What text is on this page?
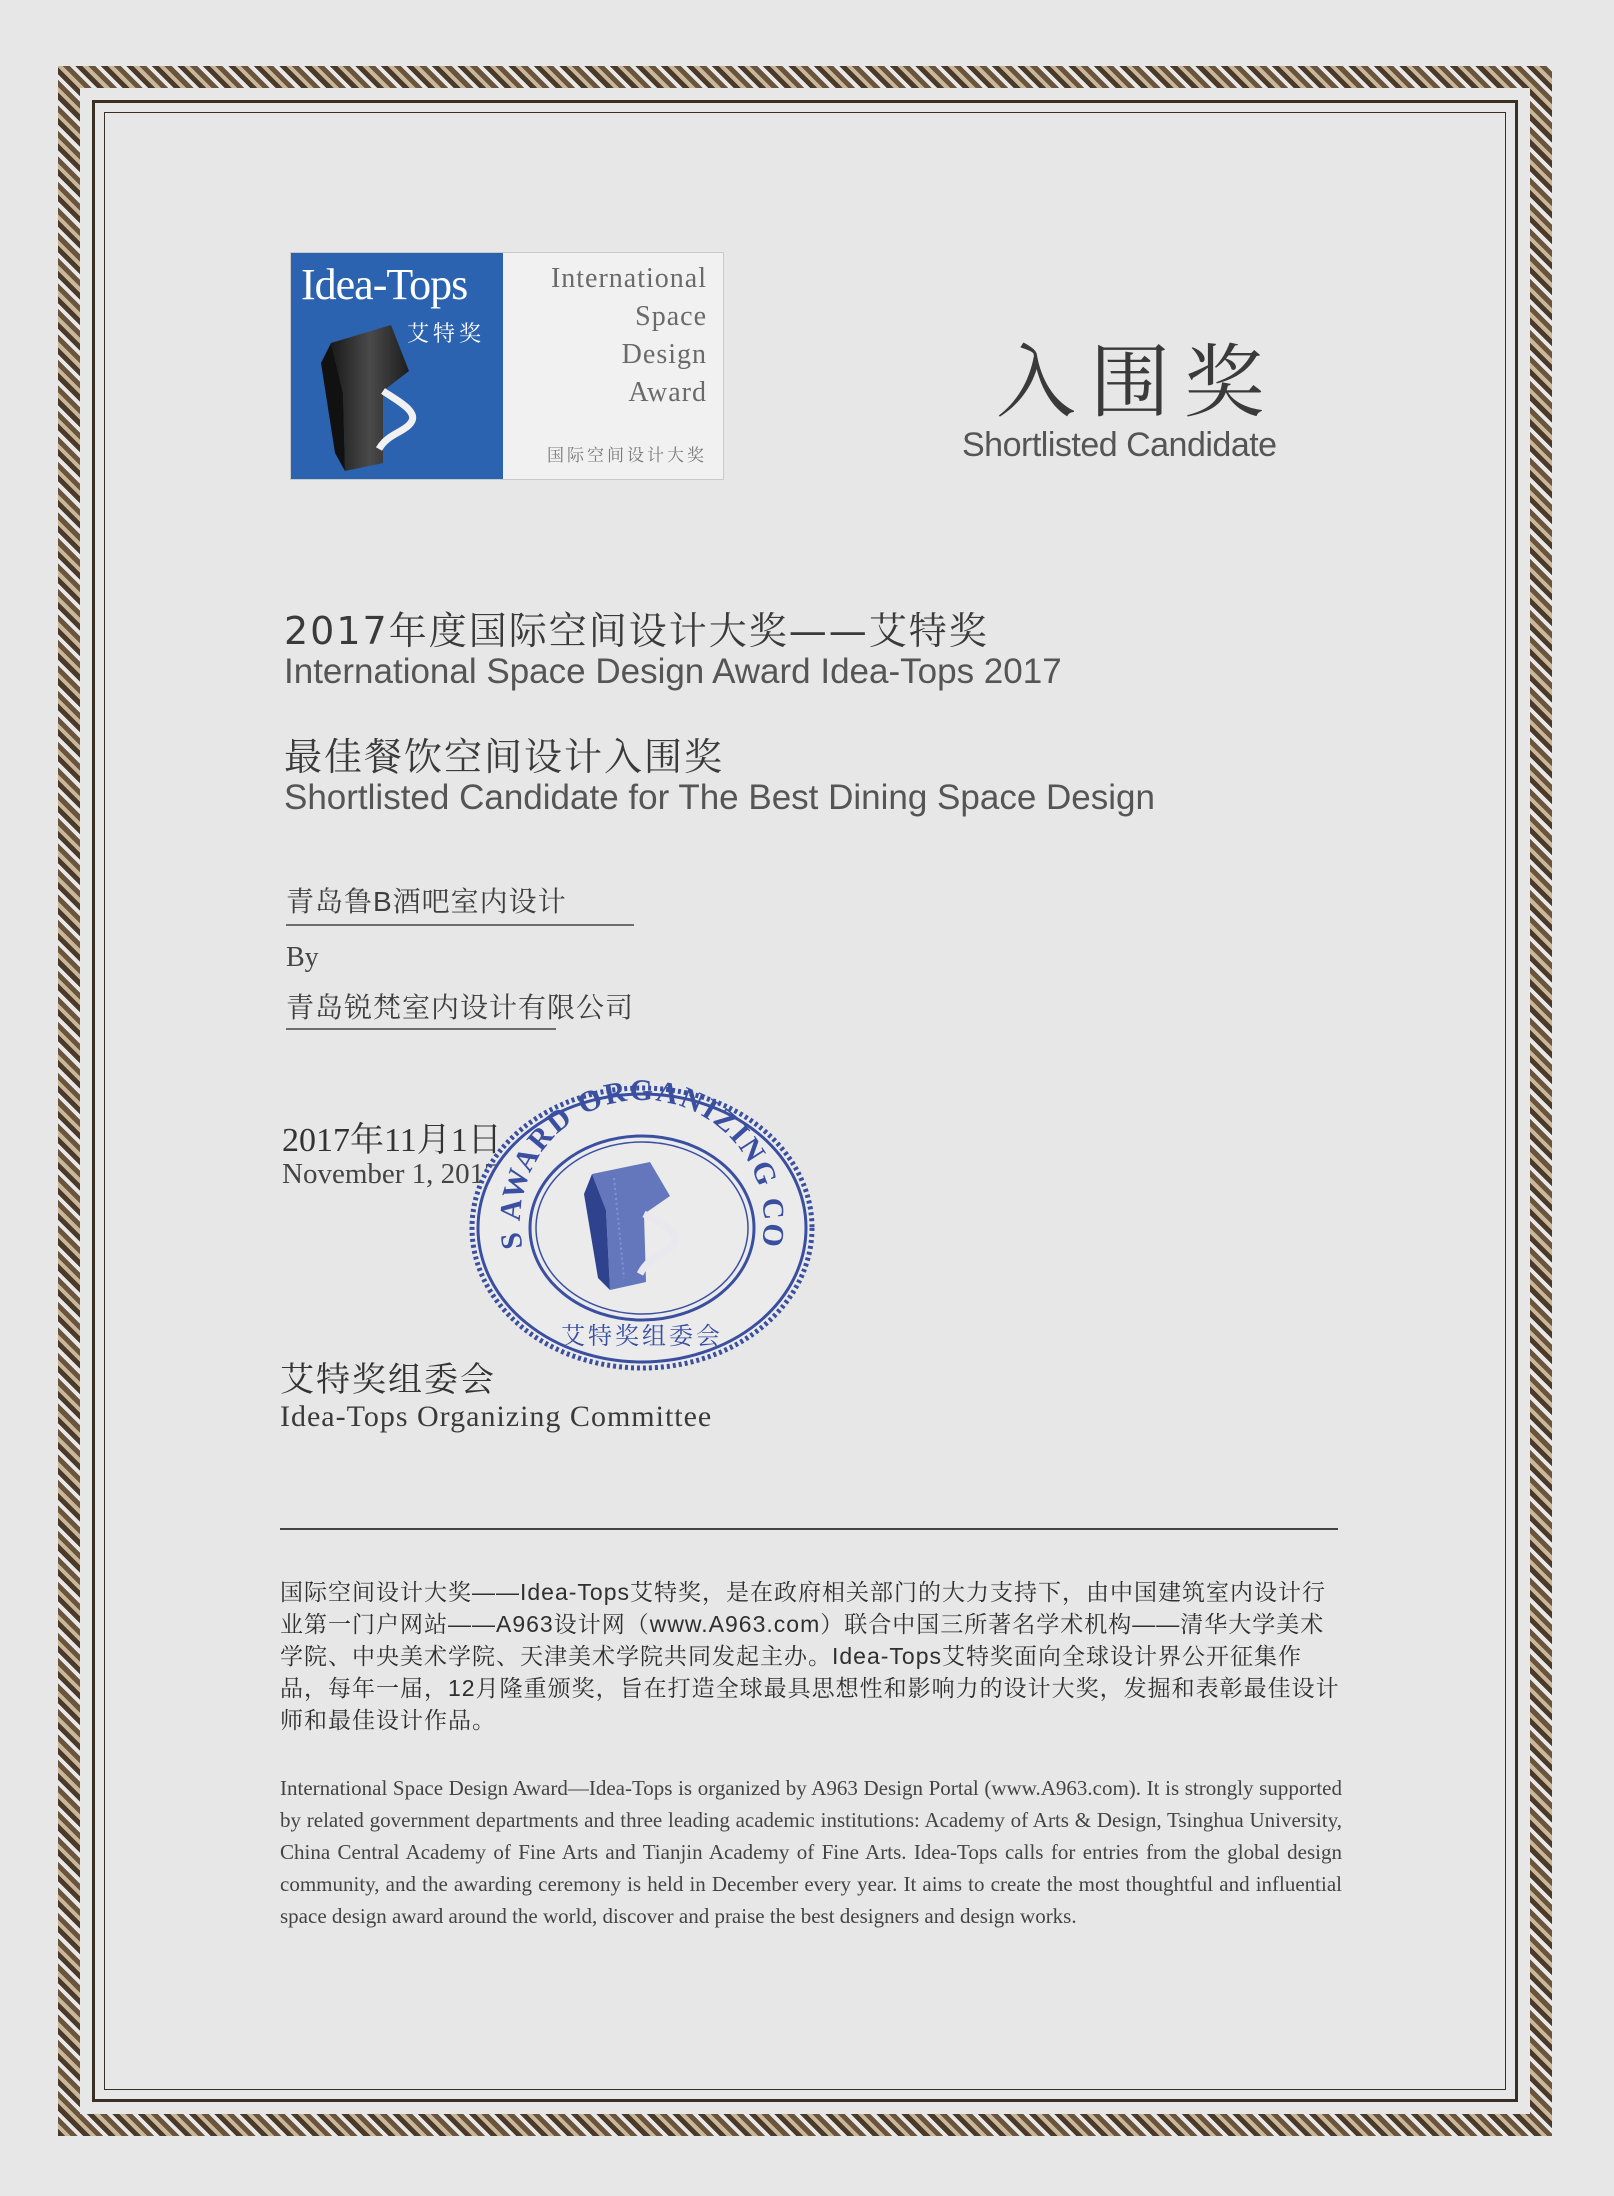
Idea-Tops
艾特奖
International
Space
Design
Award
国际空间设计大奖
入围奖
Shortlisted Candidate
2017年度国际空间设计大奖——艾特奖
International Space Design Award Idea-Tops 2017
最佳餐饮空间设计入围奖
Shortlisted Candidate for The Best Dining Space Design
青岛鲁B酒吧室内设计
By
青岛锐梵室内设计有限公司
2017年11月1日
November 1, 2017
S AWARD ORGANIZING CO
艾特奖组委会
艾特奖组委会
Idea-Tops Organizing Committee
国际空间设计大奖——Idea-Tops艾特奖，是在政府相关部门的大力支持下，由中国建筑室内设计行业第一门户网站——A963设计网（www.A963.com）联合中国三所著名学术机构——清华大学美术学院、中央美术学院、天津美术学院共同发起主办。Idea-Tops艾特奖面向全球设计界公开征集作品，每年一届，12月隆重颁奖，旨在打造全球最具思想性和影响力的设计大奖，发掘和表彰最佳设计师和最佳设计作品。
International Space Design Award—Idea-Tops is organized by A963 Design Portal (www.A963.com). It is strongly supported by related government departments and three leading academic institutions: Academy of Arts & Design, Tsinghua University, China Central Academy of Fine Arts and Tianjin Academy of Fine Arts. Idea-Tops calls for entries from the global design community, and the awarding ceremony is held in December every year. It aims to create the most thoughtful and influential space design award around the world, discover and praise the best designers and design works.
